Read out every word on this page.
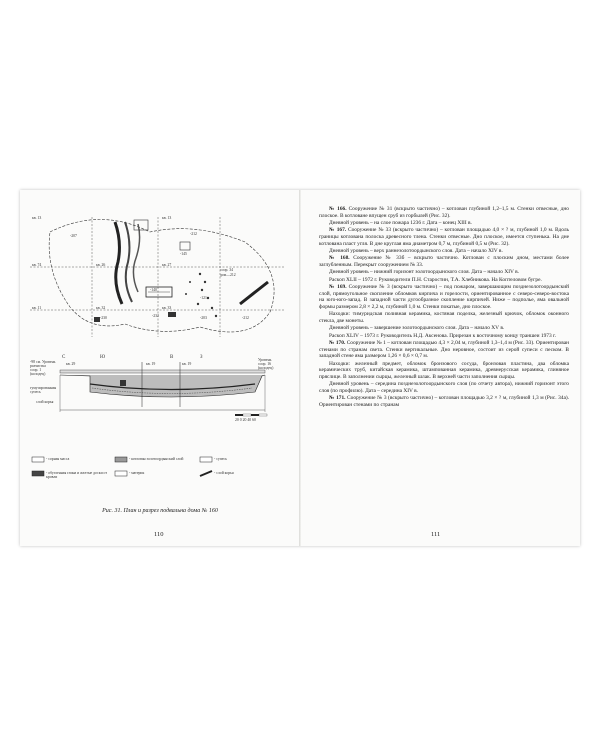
кв. 13	кв. 13
кв. 74	кв. 26	кв. 27
кв. 11	кв. 32	кв. 33
соор. 34
дом—212
-207	-212
-145
-121
-203
-232
-230	-212
-140
-98 см. Уровень
разчистка
соор. 1
(колодец)
С	Ю	В	З
кв. 29	кв. 19	кв. 19
Уровень
соор. 16
(колодец)
гумусированная
супесь
слой корья
20 0 20 40 60
- сорная масса	- котлован золотоордынский слой	- супесь
- обугленная глина и желтые доски от кровли
- материк	- слой корья
Рис. 31. План и разрез подвальна дома № 160
110

№ 166. Сооружение № 31 (вскрыто частично) – котлован глубиной 1,2–1,5 м. Стенки отвесные, дно плоское. В котловане впущен сруб из горбылей (Рис. 32).

Дневной уровень – на слое пожара 1236 г. Дата – конец XIII в.

№ 167. Сооружение № 33 (вскрыто частично) – котлован площадью 4,0 × ? м, глубиной 1,0 м. Вдоль границы котлована полоска древесного тлена. Стенки отвесные. Дно плоское, имеется ступенька. На дне котлована пласт угля. В дне круглая яма диаметром 0,7 м, глубиной 0,5 м (Рис. 32).

Дневной уровень – верх раннезолотоордынского слоя. Дата – начало XIV в.

№ 168. Сооружение № 33б – вскрыто частично. Котлован с плоским дном, местами более заглубленным. Перекрыт сооружением № 33.

Дневной уровень – нижний горизонт золотоордынского слоя. Дата – начало XIV в.

Раскоп XLII – 1972 г. Руководители П.Н. Старостин, Т.А. Хлебникова. На Коптеловом бугре.

№ 169. Сооружение № 3 (вскрыто частично) – под пожаром, завершающим позднезолотоордынский слой, прямоугольное скопление обломков кирпича и горелости, ориентированное с северо-северо-востока на юго-юго-запад. В западной части дугообразное скопление кирпичей. Ниже – подпольe, яма овальной формы размером 2,8 × 2,2 м, глубиной 1,0 м. Стенки покатые, дно плоское.

Находки: тимуридская поливная керамика, костяная поделка, железный крючок, обломок оконного стекла, две монеты.

Дневной уровень – завершение золотоордынского слоя. Дата – начало XV в.

Раскоп XLIV – 1973 г. Руководитель Н.Д. Аксенова. Прирезан к восточному концу траншеи 1973 г.

№ 170. Сооружение № 1 – котлован площадью 4,3 × 2,04 м, глубиной 1,3–1,4 м (Рис. 33). Ориентирован стенами по странам света. Стенки вертикальные. Дно неровное, состоит из серой супеси с песком. В западной стене яма размером 1,26 × 0,6 × 0,7 м.

Находки: железный предмет, обломок бронзового сосуда, бронзовая пластина, два обломка керамических труб, китайская керамика, штампованная керамика, древнерусская керамика, глиняное пряслице. В заполнении сырцы, железный шлак. В верхней части заполнения сырцы.

Дневной уровень – середина позднезолотоордынского слоя (по отчету автора), нижний горизонт этого слоя (по профилю). Дата – середина XIV в.

№ 171. Сооружение № 3 (вскрыто частично) – котлован площадью 3,2 × ? м, глубиной 1,3 м (Рис. 34а). Ориентирован стенами по странам

111
